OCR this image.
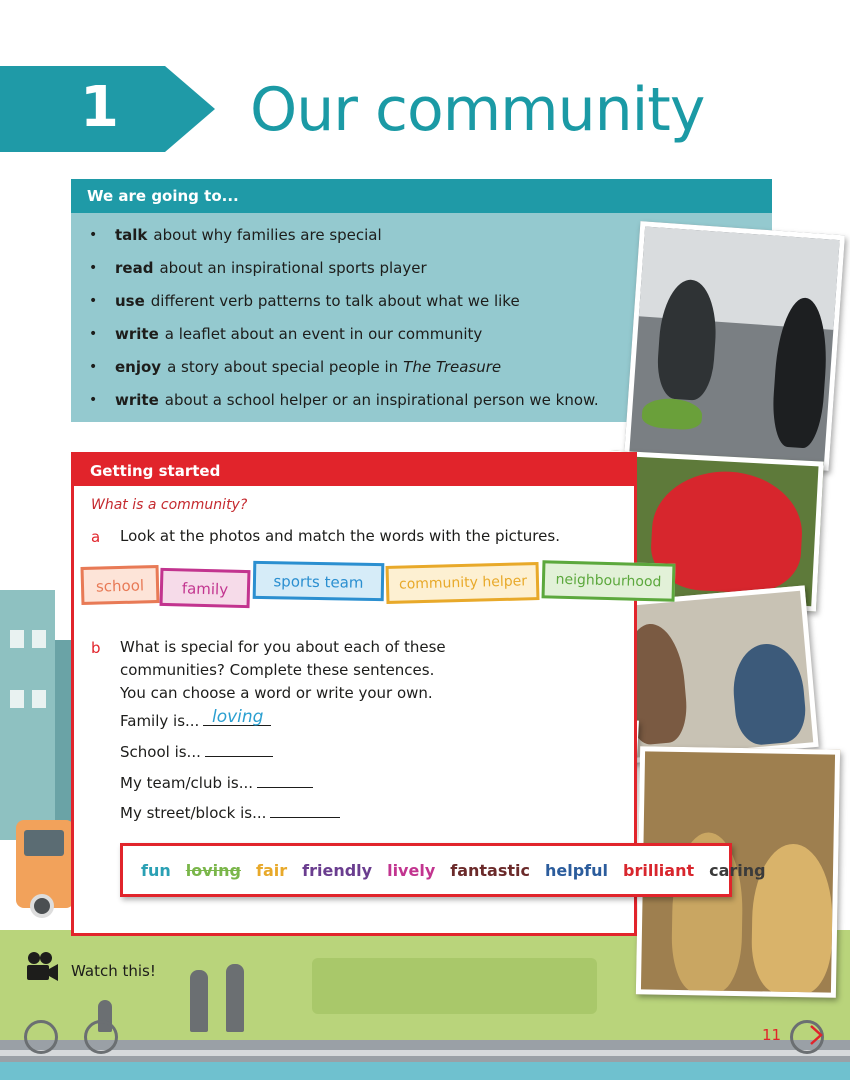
1 Our community
We are going to...
•	talk about why families are special
•	read about an inspirational sports player
•	use different verb patterns to talk about what we like
•	write a leaflet about an event in our community
•	enjoy a story about special people in The Treasure
•	write about a school helper or an inspirational person we know.
Getting started
What is a community?
a Look at the photos and match the words with the pictures.
b What is special for you about each of these
communities? Complete these sentences.
You can choose a word or write your own.
Family is... loving
School is...
My team/club is...
My street/block is...
fun loving fair friendly lively fantastic helpful brilliant caring
school	family	sports team	community helper	neighbourhood
Watch this!
11
